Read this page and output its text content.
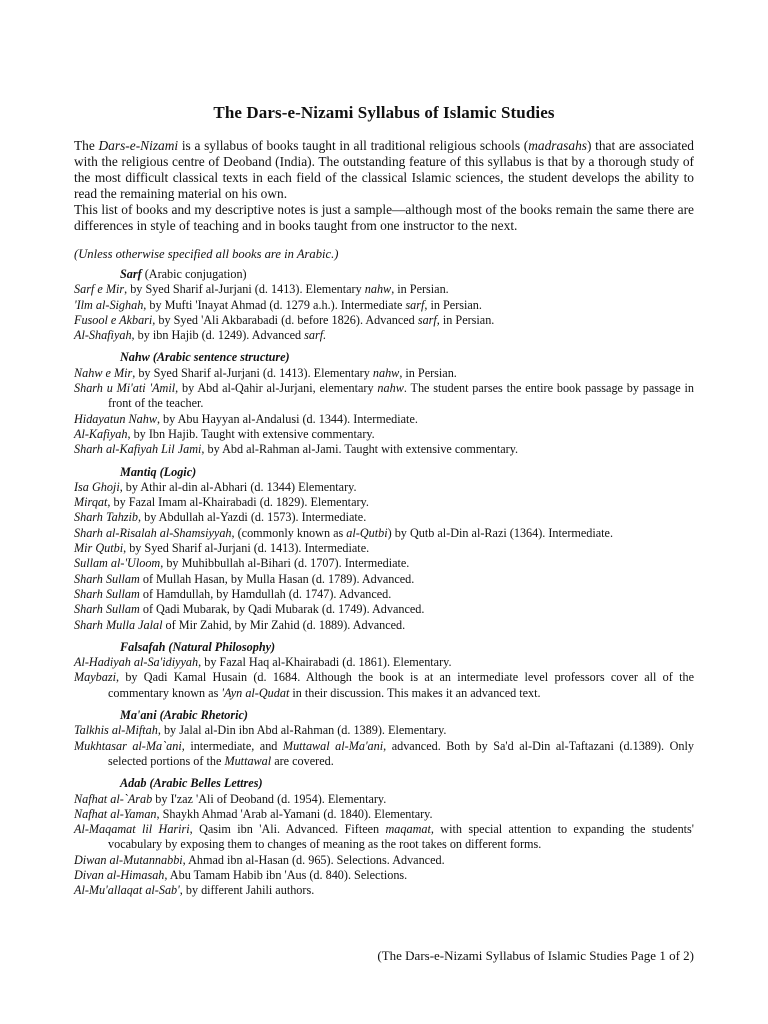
The Dars-e-Nizami Syllabus of Islamic Studies

The Dars-e-Nizami is a syllabus of books taught in all traditional religious schools (madrasahs) that are associated with the religious centre of Deoband (India). The outstanding feature of this syllabus is that by a thorough study of the most difficult classical texts in each field of the classical Islamic sciences, the student develops the ability to read the remaining material on his own.

This list of books and my descriptive notes is just a sample—although most of the books remain the same there are differences in style of teaching and in books taught from one instructor to the next.

(Unless otherwise specified all books are in Arabic.)
Sarf (Arabic conjugation)
Sarf e Mir, by Syed Sharif al-Jurjani (d. 1413). Elementary nahw, in Persian.
'Ilm al-Sighah, by Mufti 'Inayat Ahmad (d. 1279 a.h.). Intermediate sarf, in Persian.
Fusool e Akbari, by Syed 'Ali Akbarabadi (d. before 1826). Advanced sarf, in Persian.
Al-Shafiyah, by ibn Hajib (d. 1249). Advanced sarf.
Nahw (Arabic sentence structure)
Nahw e Mir, by Syed Sharif al-Jurjani (d. 1413). Elementary nahw, in Persian.
Sharh u Mi'ati 'Amil, by Abd al-Qahir al-Jurjani, elementary nahw. The student parses the entire book passage by passage in front of the teacher.
Hidayatun Nahw, by Abu Hayyan al-Andalusi (d. 1344). Intermediate.
Al-Kafiyah, by Ibn Hajib. Taught with extensive commentary.
Sharh al-Kafiyah Lil Jami, by Abd al-Rahman al-Jami. Taught with extensive commentary.
Mantiq (Logic)
Isa Ghoji, by Athir al-din al-Abhari (d. 1344) Elementary.
Mirqat, by Fazal Imam al-Khairabadi (d. 1829). Elementary.
Sharh Tahzib, by Abdullah al-Yazdi (d. 1573). Intermediate.
Sharh al-Risalah al-Shamsiyyah, (commonly known as al-Qutbi) by Qutb al-Din al-Razi (1364). Intermediate.
Mir Qutbi, by Syed Sharif al-Jurjani (d. 1413). Intermediate.
Sullam al-'Uloom, by Muhibbullah al-Bihari (d. 1707). Intermediate.
Sharh Sullam of Mullah Hasan, by Mulla Hasan (d. 1789). Advanced.
Sharh Sullam of Hamdullah, by Hamdullah (d. 1747). Advanced.
Sharh Sullam of Qadi Mubarak, by Qadi Mubarak (d. 1749). Advanced.
Sharh Mulla Jalal of Mir Zahid, by Mir Zahid (d. 1889). Advanced.
Falsafah (Natural Philosophy)
Al-Hadiyah al-Sa'idiyyah, by Fazal Haq al-Khairabadi (d. 1861). Elementary.
Maybazi, by Qadi Kamal Husain (d. 1684. Although the book is at an intermediate level professors cover all of the commentary known as 'Ayn al-Qudat in their discussion. This makes it an advanced text.
Ma'ani (Arabic Rhetoric)
Talkhis al-Miftah, by Jalal al-Din ibn Abd al-Rahman (d. 1389). Elementary.
Mukhtasar al-Ma`ani, intermediate, and Muttawal al-Ma'ani, advanced. Both by Sa'd al-Din al-Taftazani (d.1389). Only selected portions of the Muttawal are covered.
Adab (Arabic Belles Lettres)
Nafhat al-`Arab by I'zaz 'Ali of Deoband (d. 1954). Elementary.
Nafhat al-Yaman, Shaykh Ahmad 'Arab al-Yamani (d. 1840). Elementary.
Al-Maqamat lil Hariri, Qasim ibn 'Ali. Advanced. Fifteen maqamat, with special attention to expanding the students' vocabulary by exposing them to changes of meaning as the root takes on different forms.
Diwan al-Mutannabbi, Ahmad ibn al-Hasan (d. 965). Selections. Advanced.
Divan al-Himasah, Abu Tamam Habib ibn 'Aus (d. 840). Selections.
Al-Mu'allaqat al-Sab', by different Jahili authors.
(The Dars-e-Nizami Syllabus of Islamic Studies Page 1 of 2)
